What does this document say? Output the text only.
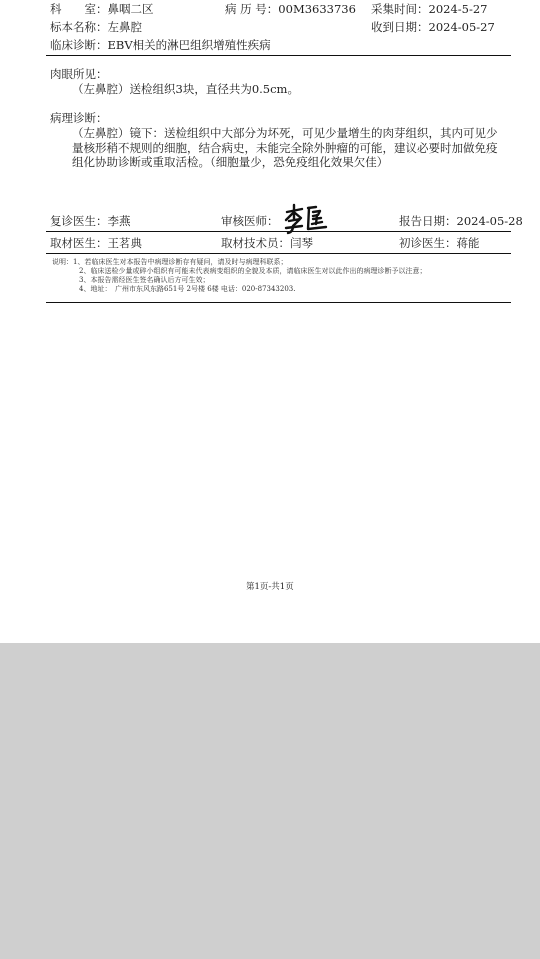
科　　室：鼻咽二区	病 历 号：00M3633736 采集时间：2024-5-27
标本名称：左鼻腔	收到日期：2024-05-27
临床诊断：EBV相关的淋巴组织增殖性疾病
肉眼所见：
（左鼻腔）送检组织3块，直径共为0.5cm。
病理诊断：
（左鼻腔）镜下：送检组织中大部分为坏死，可见少量增生的肉芽组织，其内可见少
量核形稍不规则的细胞，结合病史，未能完全除外肿瘤的可能，建议必要时加做免疫
组化协助诊断或重取活检。（细胞量少，恐免疫组化效果欠佳）
复诊医生：李燕	审核医师：	报告日期：2024-05-28
取材医生：王茗典	取材技术员：闫琴	初诊医生：蒋能
说明：1、若临床医生对本报告中病理诊断存有疑问，请及时与病理科联系；
2、临床送检少量或碎小组织有可能未代表病变组织的全貌及本质，请临床医生对以此作出的病理诊断予以注意；
3、本报告需经医生签名确认后方可生效；
4、地址：　广州市东风东路651号 2号楼 6楼 电话：020-87343203.
第1页-共1页
